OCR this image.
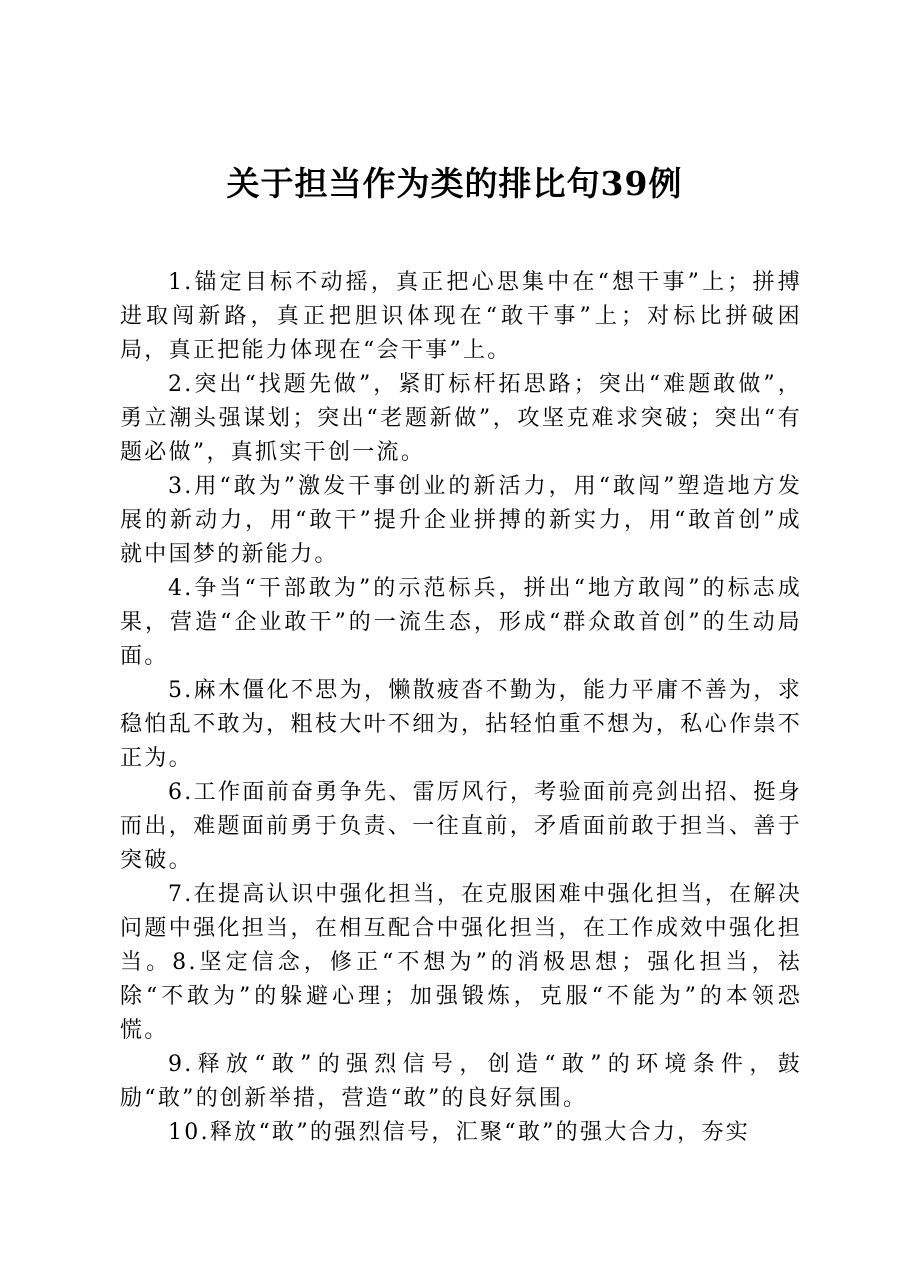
关于担当作为类的排比句39例

1.锚定目标不动摇，真正把心思集中在“想干事”上；拼搏进取闯新路，真正把胆识体现在“敢干事”上；对标比拼破困局，真正把能力体现在“会干事”上。

2.突出“找题先做”，紧盯标杆拓思路；突出“难题敢做”，勇立潮头强谋划；突出“老题新做”，攻坚克难求突破；突出“有题必做”，真抓实干创一流。

3.用“敢为”激发干事创业的新活力，用“敢闯”塑造地方发展的新动力，用“敢干”提升企业拼搏的新实力，用“敢首创”成就中国梦的新能力。

4.争当“干部敢为”的示范标兵，拼出“地方敢闯”的标志成果，营造“企业敢干”的一流生态，形成“群众敢首创”的生动局面。

5.麻木僵化不思为，懒散疲沓不勤为，能力平庸不善为，求稳怕乱不敢为，粗枝大叶不细为，拈轻怕重不想为，私心作祟不正为。

6.工作面前奋勇争先、雷厉风行，考验面前亮剑出招、挺身而出，难题面前勇于负责、一往直前，矛盾面前敢于担当、善于突破。

7.在提高认识中强化担当，在克服困难中强化担当，在解决问题中强化担当，在相互配合中强化担当，在工作成效中强化担当。8.坚定信念，修正“不想为”的消极思想；强化担当，祛除“不敢为”的躲避心理；加强锻炼，克服“不能为”的本领恐慌。

9.释放“敢”的强烈信号，创造“敢”的环境条件，鼓励“敢”的创新举措，营造“敢”的良好氛围。

10.释放“敢”的强烈信号，汇聚“敢”的强大合力，夯实
